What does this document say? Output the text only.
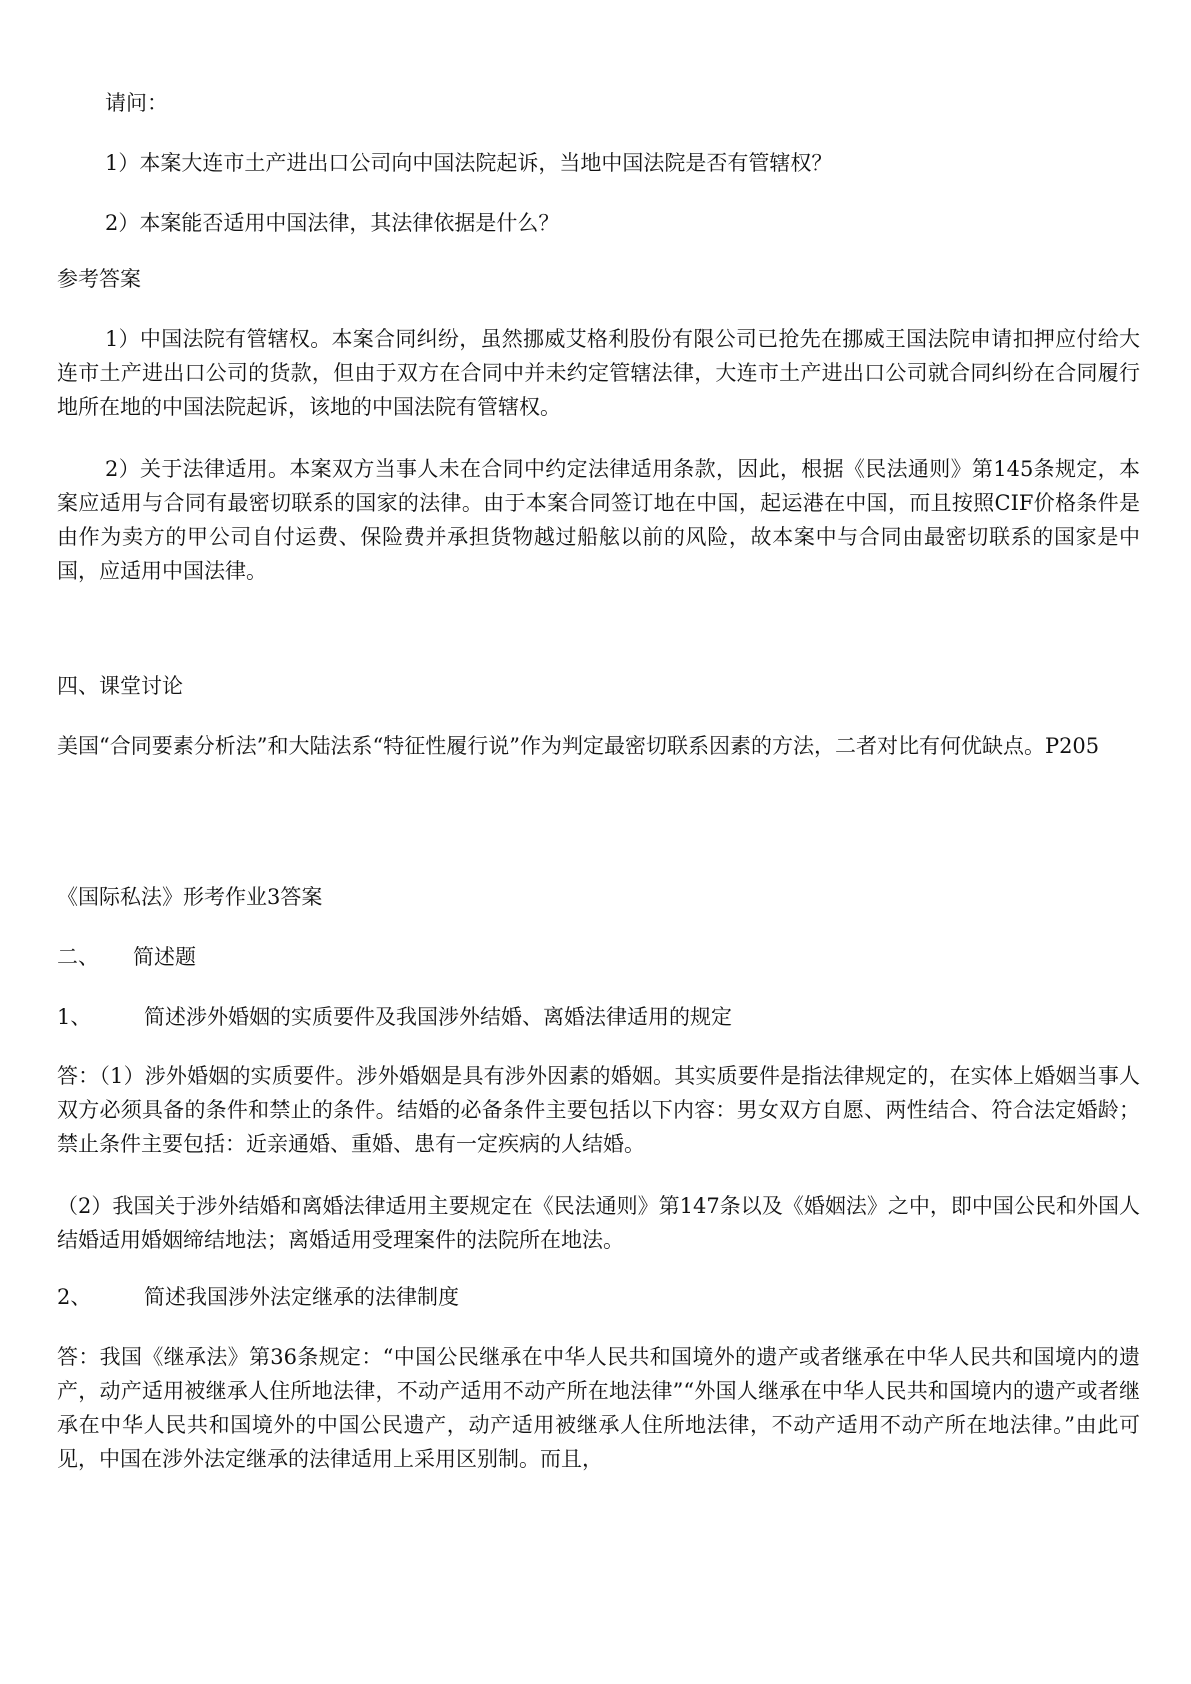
请问：

1）本案大连市土产进出口公司向中国法院起诉，当地中国法院是否有管辖权？

2）本案能否适用中国法律，其法律依据是什么？

参考答案

1）中国法院有管辖权。本案合同纠纷，虽然挪威艾格利股份有限公司已抢先在挪威王国法院申请扣押应付给大连市土产进出口公司的货款，但由于双方在合同中并未约定管辖法律，大连市土产进出口公司就合同纠纷在合同履行地所在地的中国法院起诉，该地的中国法院有管辖权。

2）关于法律适用。本案双方当事人未在合同中约定法律适用条款，因此，根据《民法通则》第145条规定，本案应适用与合同有最密切联系的国家的法律。由于本案合同签订地在中国，起运港在中国，而且按照CIF价格条件是由作为卖方的甲公司自付运费、保险费并承担货物越过船舷以前的风险，故本案中与合同由最密切联系的国家是中国，应适用中国法律。

四、课堂讨论

美国“合同要素分析法”和大陆法系“特征性履行说”作为判定最密切联系因素的方法，二者对比有何优缺点。P205

《国际私法》形考作业3答案

二、 简述题
1、	简述涉外婚姻的实质要件及我国涉外结婚、离婚法律适用的规定

答：（1）涉外婚姻的实质要件。涉外婚姻是具有涉外因素的婚姻。其实质要件是指法律规定的，在实体上婚姻当事人双方必须具备的条件和禁止的条件。结婚的必备条件主要包括以下内容：男女双方自愿、两性结合、符合法定婚龄；禁止条件主要包括：近亲通婚、重婚、患有一定疾病的人结婚。

（2）我国关于涉外结婚和离婚法律适用主要规定在《民法通则》第147条以及《婚姻法》之中，即中国公民和外国人结婚适用婚姻缔结地法；离婚适用受理案件的法院所在地法。

2、	简述我国涉外法定继承的法律制度

答：我国《继承法》第36条规定：“中国公民继承在中华人民共和国境外的遗产或者继承在中华人民共和国境内的遗产，动产适用被继承人住所地法律，不动产适用不动产所在地法律”“外国人继承在中华人民共和国境内的遗产或者继承在中华人民共和国境外的中国公民遗产，动产适用被继承人住所地法律，不动产适用不动产所在地法律。”由此可见，中国在涉外法定继承的法律适用上采用区别制。而且，
